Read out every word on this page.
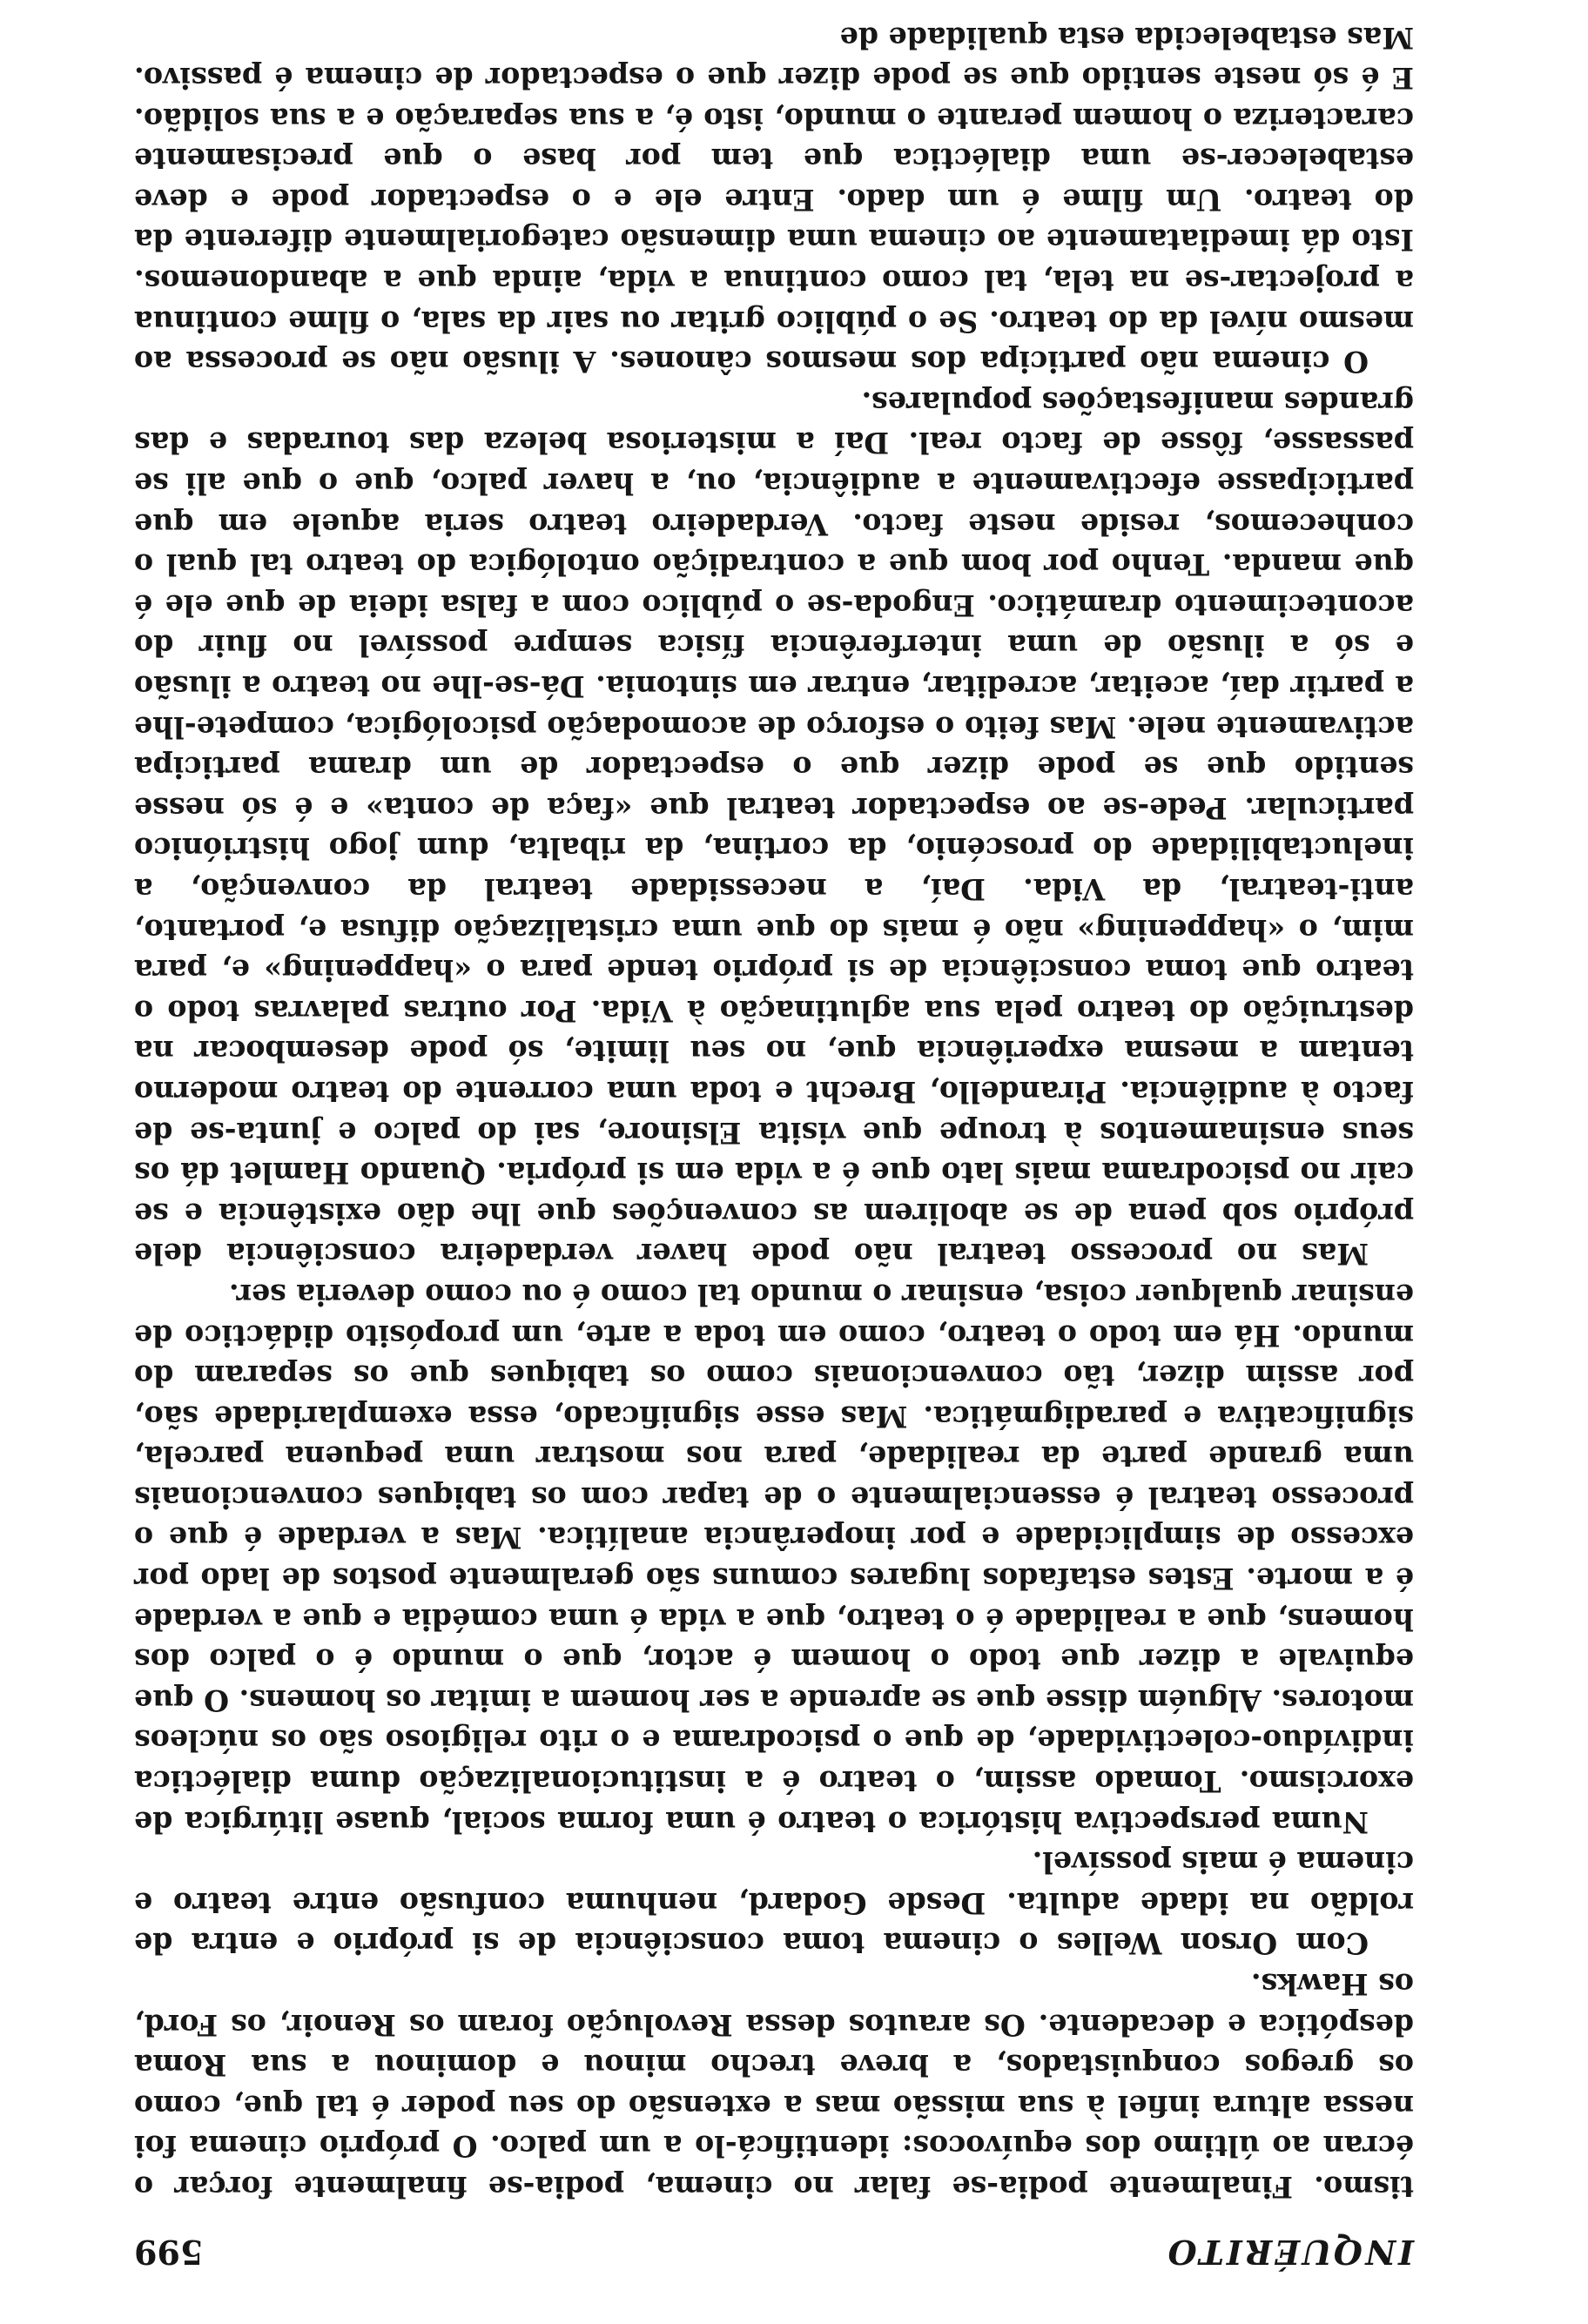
INQUÉRITO
599

tismo. Finalmente podia-se falar no cinema, podia-se finalmente forçar o écran ao último dos equívocos: identificá-lo a um palco. O próprio cinema foi nessa altura infiel à sua missão mas a extensão do seu poder é tal que, como os gregos conquistados, a breve trecho minou e dominou a sua Roma despótica e decadente. Os arautos dessa Revolução foram os Renoir, os Ford, os Hawks.

Com Orson Welles o cinema toma consciência de si próprio e entra de roldão na idade adulta. Desde Godard, nenhuma confusão entre teatro e cinema é mais possível.

Numa perspectiva histórica o teatro é uma forma social, quase litúrgica de exorcismo. Tomado assim, o teatro é a institucionalização duma dialéctica indivíduo-colectividade, de que o psicodrama e o rito religioso são os núcleos motores. Alguém disse que se aprende a ser homem a imitar os homens. O que equivale a dizer que todo o homem é actor, que o mundo é o palco dos homens, que a realidade é o teatro, que a vida é uma comédia e que a verdade é a morte. Estes estafados lugares comuns são geralmente postos de lado por excesso de simplicidade e por inoperância analítica. Mas a verdade é que o processo teatral é essencialmente o de tapar com os tabiques convencionais uma grande parte da realidade, para nos mostrar uma pequena parcela, significativa e paradigmática. Mas esse significado, essa exemplaridade são, por assim dizer, tão convencionais como os tabiques que os separam do mundo. Há em todo o teatro, como em toda a arte, um propósito didáctico de ensinar qualquer coisa, ensinar o mundo tal como é ou como deveria ser.

Mas no processo teatral não pode haver verdadeira consciência dele próprio sob pena de se abolirem as convenções que lhe dão existência e se cair no psicodrama mais lato que é a vida em si própria. Quando Hamlet dá os seus ensinamentos à troupe que visita Elsinore, sai do palco e junta-se de facto à audiência. Pirandello, Brecht e toda uma corrente do teatro moderno tentam a mesma experiência que, no seu limite, só pode desembocar na destruição do teatro pela sua aglutinação à Vida. Por outras palavras todo o teatro que toma consciência de si próprio tende para o «happening» e, para mim, o «happening» não é mais do que uma cristalização difusa e, portanto, anti-teatral, da Vida. Daí, a necessidade teatral da convenção, a ineluctabilidade do proscénio, da cortina, da ribalta, dum jogo histriónico particular. Pede-se ao espectador teatral que «faça de conta» e é só nesse sentido que se pode dizer que o espectador de um drama participa activamente nele. Mas feito o esforço de acomodação psicológica, compete-lhe a partir daí, aceitar, acreditar, entrar em sintonia. Dá-se-lhe no teatro a ilusão e só a ilusão de uma interferência física sempre possível no fluir do acontecimento dramático. Engoda-se o público com a falsa ideia de que ele é que manda. Tenho por bom que a contradição ontológica do teatro tal qual o conhecemos, reside neste facto. Verdadeiro teatro seria aquele em que participasse efectivamente a audiência, ou, a haver palco, que o que ali se passasse, fôsse de facto real. Daí a misteriosa beleza das touradas e das grandes manifestações populares.

O cinema não participa dos mesmos cânones. A ilusão não se processa ao mesmo nível da do teatro. Se o público gritar ou sair da sala, o filme continua a projectar-se na tela, tal como continua a vida, ainda que a abandonemos. Isto dá imediatamente ao cinema uma dimensão categorialmente diferente da do teatro. Um filme é um dado. Entre ele e o espectador pode e deve estabelecer-se uma dialéctica que tem por base o que precisamente caracteriza o homem perante o mundo, isto é, a sua separação e a sua solidão. E é só neste sentido que se pode dizer que o espectador de cinema é passivo. Mas estabelecida esta qualidade de
